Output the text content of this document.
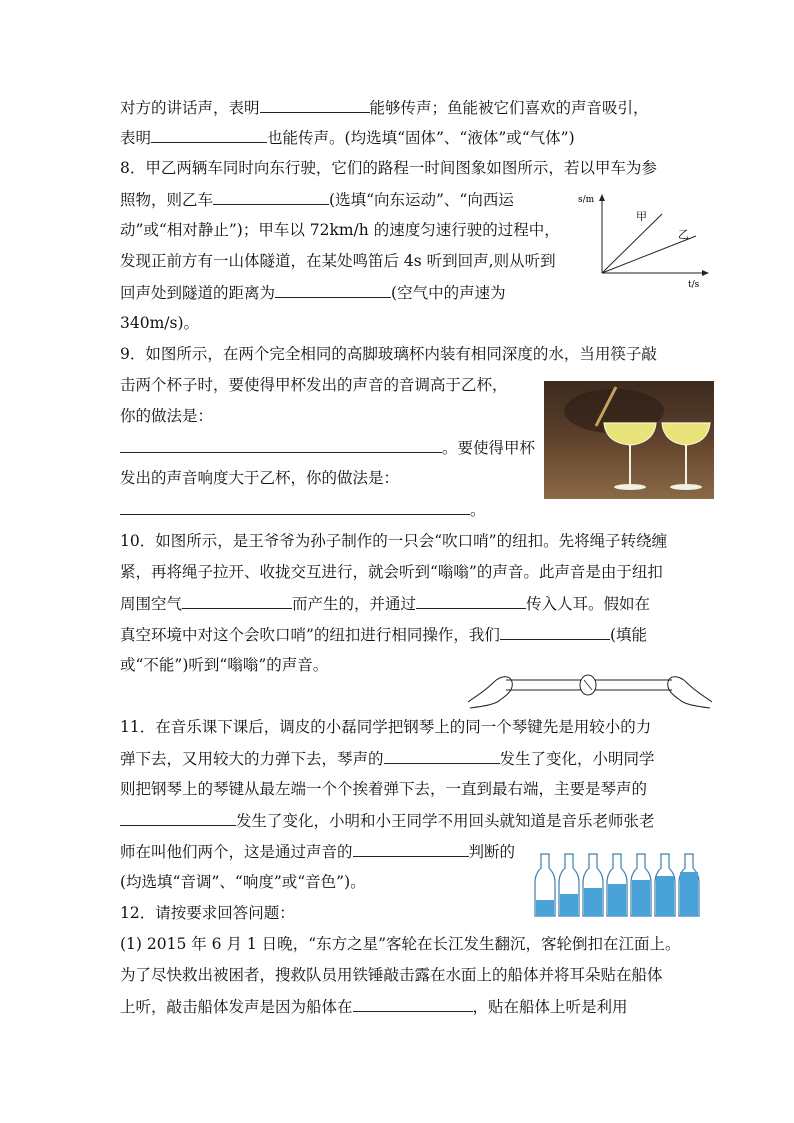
对方的讲话声，表明	能够传声；鱼能被它们喜欢的声音吸引，
表明	也能传声。(均选填“固体”、“液体”或“气体”)
8．甲乙两辆车同时向东行驶，它们的路程一时间图象如图所示，若以甲车为参
照物，则乙车	(选填“向东运动”、“向西运
动”或“相对静止”)；甲车以 72km/h 的速度匀速行驶的过程中，
发现正前方有一山体隧道，在某处鸣笛后 4s 听到回声,则从听到
回声处到隧道的距离为	(空气中的声速为
340m/s)。
s/m
t/s
甲
乙
9．如图所示，在两个完全相同的高脚玻璃杯内装有相同深度的水，当用筷子敲
击两个杯子时，要使得甲杯发出的声音的音调高于乙杯，
你的做法是：
。要使得甲杯
发出的声音响度大于乙杯，你的做法是：
。
10．如图所示，是王爷爷为孙子制作的一只会“吹口哨”的纽扣。先将绳子转绕缠
紧，再将绳子拉开、收拢交互进行，就会听到“嗡嗡”的声音。此声音是由于纽扣
周围空气	而产生的，并通过	传入人耳。假如在
真空环境中对这个会吹口哨”的纽扣进行相同操作，我们	(填能
或“不能”)听到“嗡嗡”的声音。
11．在音乐课下课后，调皮的小磊同学把钢琴上的同一个琴键先是用较小的力
弹下去，又用较大的力弹下去，琴声的	发生了变化，小明同学
则把钢琴上的琴键从最左端一个个挨着弹下去，一直到最右端，主要是琴声的
发生了变化，小明和小王同学不用回头就知道是音乐老师张老
师在叫他们两个，这是通过声音的	判断的
(均选填“音调”、“响度”或“音色”)。
12．请按要求回答问题：
(1) 2015 年 6 月 1 日晚，“东方之星”客轮在长江发生翻沉，客轮倒扣在江面上。
为了尽快救出被困者，搜救队员用铁锤敲击露在水面上的船体并将耳朵贴在船体
上听，敲击船体发声是因为船体在	，贴在船体上听是利用
